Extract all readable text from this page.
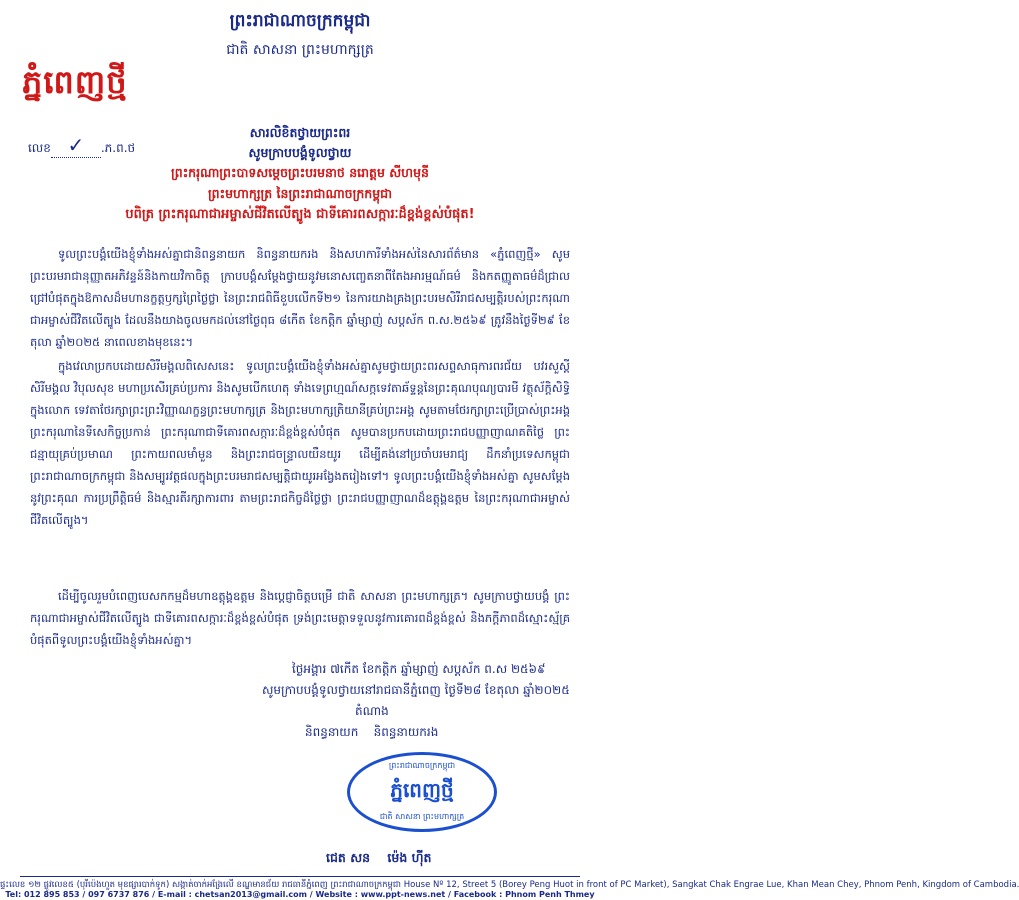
ព្រះរាជាណាចក្រកម្ពុជា
ជាតិ សាសនា ព្រះមហាក្សត្រ
ភ្នំពេញថ្មី
លេខ ✓ .ភ.ព.ថ
សារលិខិតថ្វាយព្រះពរ
សូមក្រាបបង្គំទូលថ្វាយ
ព្រះករុណាព្រះបាទសម្តេចព្រះបរមនាថ នរោត្តម សីហមុនី
ព្រះមហាក្សត្រ នៃព្រះរាជាណាចក្រកម្ពុជា
បពិត្រ ព្រះករុណាជាអម្ចាស់ជីវិតលើត្បូង ជាទីគោរពសក្ការៈដ៏ខ្ពង់ខ្ពស់បំផុត!
ទូលព្រះបង្គំយើងខ្ញុំទាំងអស់គ្នាជានិពន្ធនាយក និពន្ធនាយករង និងសហការីទាំងអស់នៃសារព័ត៌មាន «ភ្នំពេញថ្មី» សូមព្រះបរមរាជានុញ្ញាតអភិវន្ទន៍និងកាយវិកាចិត្ត ក្រាបបង្គំសម្តែងថ្វាយនូវមនោសញ្ចេតនាពីតែងអារម្មណ៍ធម៌ និងកតញ្ញូតាធម៌ដ៏ជ្រាលជ្រៅបំផុតក្នុងឱកាសដ៏មហានក្ខត្តឫក្សព្រៃថ្ងៃថ្លា នៃព្រះរាជពិធីខួបលើកទី២១ នៃការយាងគ្រងព្រះបរមសិរីរាជសម្បត្តិរបស់ព្រះករុណាជាអម្ចាស់ជីវិតលើត្បូង ដែលនឹងយាងចូលមកដល់នៅថ្ងៃពុធ ៨កើត ខែកត្តិក ឆ្នាំម្សាញ់ សប្តស័ក ព.ស.២៥៦៩ ត្រូវនឹងថ្ងៃទី២៩ ខែតុលា ឆ្នាំ២០២៥ នាពេលខាងមុខនេះ។
ក្នុងវេលាប្រកបដោយសិរីមង្គលពិសេសនេះ ទូលព្រះបង្គំយើងខ្ញុំទាំងអស់គ្នាសូមថ្វាយព្រះពរសព្ទសាធុការពរជ័យ បវរសួស្តី សិរីមង្គល វិបុលសុខ មហាប្រសើរគ្រប់ប្រការ និងសូមបើកហេតុ ទាំងទេព្រហ្មណ៍សក្កទេវតាឆ័ទ្ទន្តនៃព្រះគុណបុណ្យបារមី វត្ថុស័ក្តិសិទ្ធិក្នុងលោក ទេវតាថែរក្សាព្រះព្រះវិញ្ញាណក្ខន្ធព្រះមហាក្សត្រ និងព្រះមហាក្សត្រិយានីគ្រប់ព្រះអង្គ សូមតាមថែរក្សាព្រះប្រើប្រាស់ព្រះអង្គ ព្រះករុណានៃទីសេកិច្ចប្រកាន់ ព្រះករុណាជាទីគោរពសក្ការៈដ៏ខ្ពង់ខ្ពស់បំផុត សូមបានប្រកបដោយព្រះរាជបញ្ញាញាណគតិថ្លៃ ព្រះជន្មាយុគ្រប់ប្រមាណ ព្រះកាយពលមាំមួន និងព្រះរាជចន្ទ្រាលយឺនយូរ ដើម្បីគង់នៅប្រចាំបរមរាជ្យ ដឹកនាំប្រទេសកម្ពុជា ព្រះរាជាណាចក្រកម្ពុជា និងសម្បូរវត្តផលក្នុងព្រះបរមរាជសម្បត្តិជាយូរអង្វែងតរៀងទៅ។ ទូលព្រះបង្គំយើងខ្ញុំទាំងអស់គ្នា សូមសម្តែងនូវព្រះគុណ ការប្រព្រឹត្តិធម៌ និងស្មារតីរក្សាការពារ តាមព្រះរាជកិច្ចដ៏ថ្លៃថ្លា ព្រះរាជបញ្ញាញាណដ៏ឧត្តុង្គឧត្តម នៃព្រះករុណាជាអម្ចាស់ជីវិតលើត្បូង។
ដើម្បីចូលរួមបំពេញបេសកកម្មដ៏មហាឧត្តុង្គឧត្តម និងប្តេជ្ញាចិត្តបម្រើ ជាតិ សាសនា ព្រះមហាក្សត្រ។ សូមក្រាបថ្វាយបង្គំ ព្រះករុណាជាអម្ចាស់ជីវិតលើត្បូង ជាទីគោរពសក្ការៈដ៏ខ្ពង់ខ្ពស់បំផុត ទ្រង់ព្រះមេត្តាទទួលនូវការគោរពដ៏ខ្ពង់ខ្ពស់ និងភក្តីភាពដ៏ស្មោះស្ម័គ្រ បំផុតពីទូលព្រះបង្គំយើងខ្ញុំទាំងអស់គ្នា។
ថ្ងៃអង្គារ ៧កើត ខែកត្តិក ឆ្នាំម្សាញ់ សប្តស័ក ព.ស ២៥៦៩
សូមក្រាបបង្គំទូលថ្វាយនៅរាជធានីភ្នំពេញ ថ្ងៃទី២៨ ខែតុលា ឆ្នាំ២០២៥
តំណាង
និពន្ធនាយក    និពន្ធនាយករង
ព្រះរាជាណាចក្រកម្ពុជា
ភ្នំពេញថ្មី
ជាតិ សាសនា ព្រះមហាក្សត្រ
ជេត សន    ម៉េង ហ៊ីត
ផ្ទះលេខ ១២ ផ្លូវលេខ៥ (បុរីប៉េងហួត មុខផ្សារបាក់ទូក) សង្កាត់ចាក់អង្រែលើ ខណ្ឌមានជ័យ រាជធានីភ្នំពេញ ព្រះរាជាណាចក្រកម្ពុជា House Nº 12, Street 5 (Borey Peng Huot in front of PC Market), Sangkat Chak Engrae Lue, Khan Mean Chey, Phnom Penh, Kingdom of Cambodia.
Tel: 012 895 853 / 097 6737 876 / E-mail : chetsan2013@gmail.com / Website : www.ppt-news.net / Facebook : Phnom Penh Thmey
